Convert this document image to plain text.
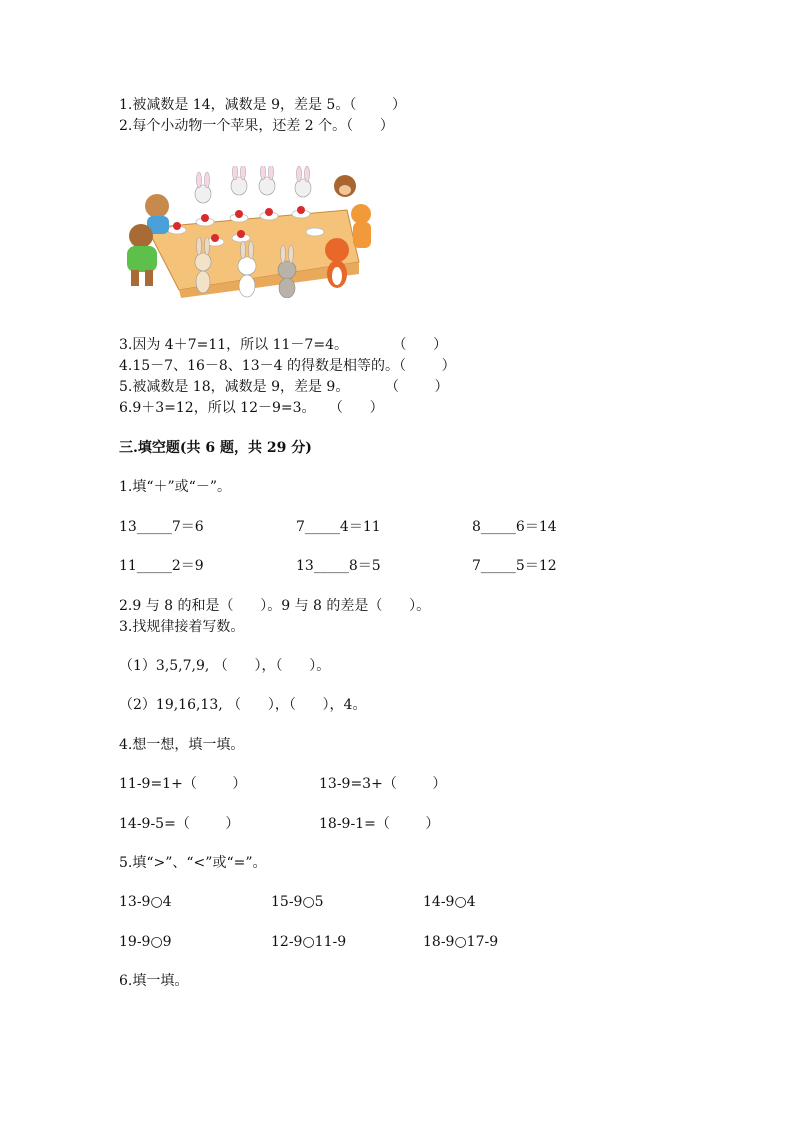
1.被减数是 14，减数是 9，差是 5。（        ）
2.每个小动物一个苹果，还差 2 个。（      ）
3.因为 4＋7=11，所以 11－7=4。          （      ）
4.15－7、16－8、13－4 的得数是相等的。（        ）
5.被减数是 18，减数是 9，差是 9。        （        ）
6.9＋3=12，所以 12－9=3。   （      ）
三.填空题(共 6 题，共 29 分)
1.填“＋”或“－”。
13_____7＝6	7_____4＝11	8_____6＝14
11_____2＝9	13_____8＝5	7_____5＝12
2.9 与 8 的和是（      ）。9 与 8 的差是（      ）。
3.找规律接着写数。
（1）3,5,7,9, （      ），（      ）。
（2）19,16,13, （      ），（      ），4。
4.想一想，填一填。
11-9=1+（        ）	13-9=3+（        ）
14-9-5=（        ）	18-9-1=（        ）
5.填“>”、“<”或“=”。
13-9○4	15-9○5	14-9○4
19-9○9	12-9○11-9	18-9○17-9
6.填一填。
